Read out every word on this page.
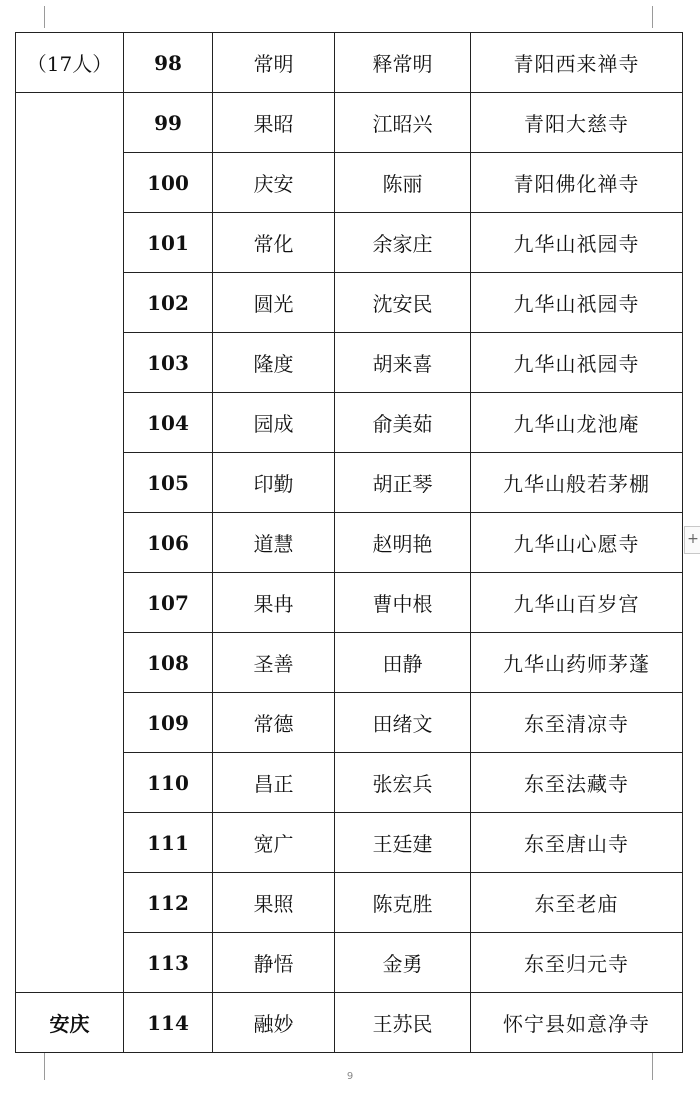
（17人）	98	常明	释常明	青阳西来禅寺
	99	果昭	江昭兴	青阳大慈寺
	100	庆安	陈丽	青阳佛化禅寺
	101	常化	余家庄	九华山祇园寺
	102	圆光	沈安民	九华山祇园寺
	103	隆度	胡来喜	九华山祇园寺
	104	园成	俞美茹	九华山龙池庵
	105	印勤	胡正琴	九华山般若茅棚
	106	道慧	赵明艳	九华山心愿寺
	107	果冉	曹中根	九华山百岁宫
	108	圣善	田静	九华山药师茅蓬
	109	常德	田绪文	东至清凉寺
	110	昌正	张宏兵	东至法藏寺
	111	宽广	王廷建	东至唐山寺
	112	果照	陈克胜	东至老庙
	113	静悟	金勇	东至归元寺
安庆	114	融妙	王苏民	怀宁县如意净寺
+
9
